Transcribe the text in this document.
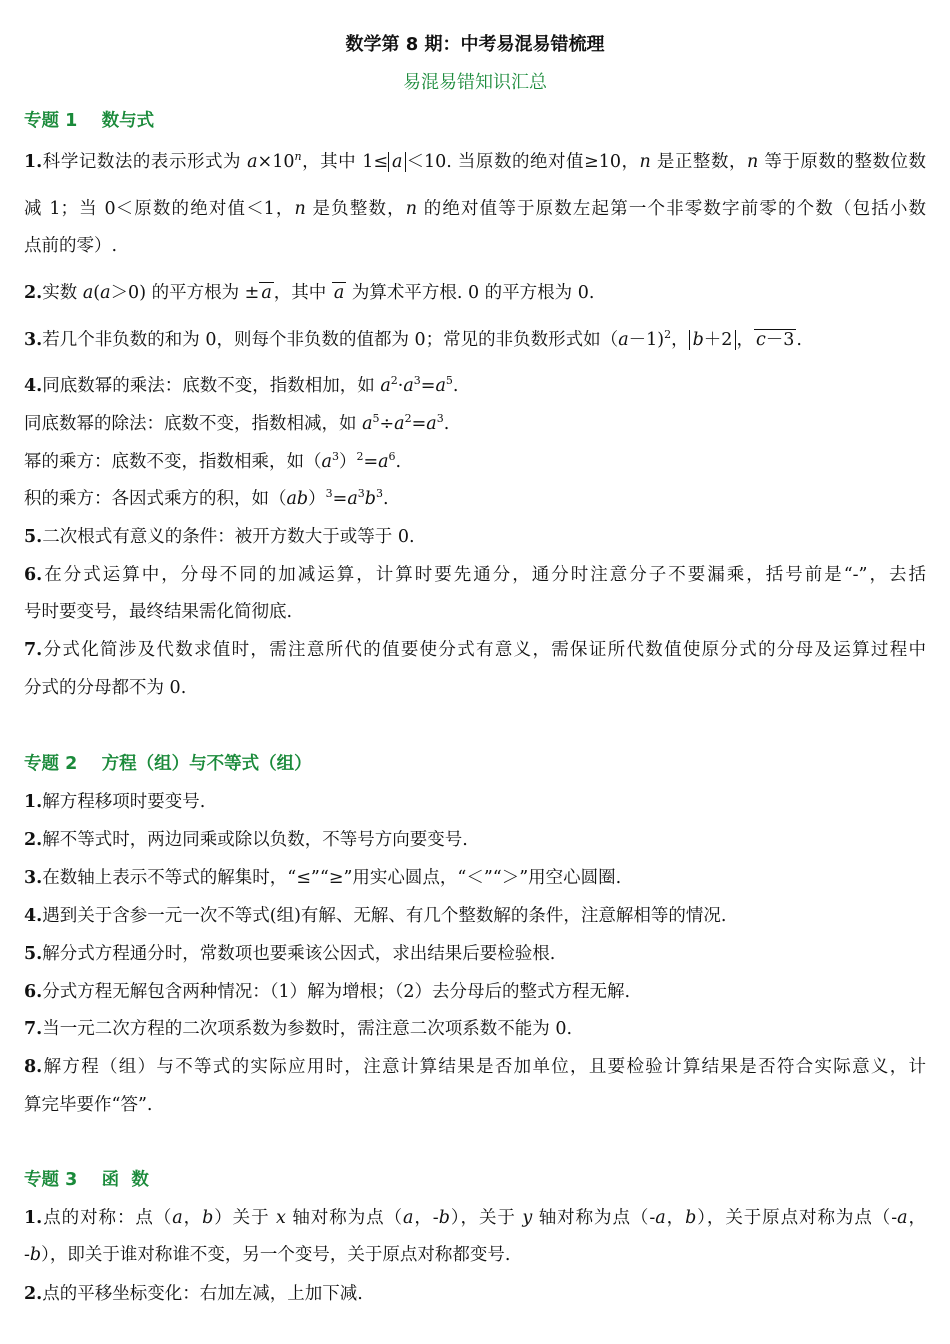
数学第 8 期：中考易混易错梳理
易混易错知识汇总
专题 1    数与式
1.科学记数法的表示形式为 $a\times 10^n$，其中 1≤ a ＜10. 当原数的绝对值≥10，n 是正整数，n 等于原数的整数位数
减 1；当 0＜原数的绝对值＜1，n 是负整数，n 的绝对值等于原数左起第一个非零数字前零的个数（包括小数
点前的零）.
2.实数 a(a＞0) 的平方根为 ± a ，其中 a 为算术平方根. 0 的平方根为 0.
3.若几个非负数的和为 0，则每个非负数的值都为 0；常见的非负数形式如（a－1)$^2$， b＋2 ， c－3 .
4.同底数幂的乘法：底数不变，指数相加，如 $a^2\cdot a^3=a^5$.
同底数幂的除法：底数不变，指数相减，如 $a^5\div a^2=a^3$.
幂的乘方：底数不变，指数相乘，如$(a^3)^2=a^6$.
积的乘方：各因式乘方的积，如$(ab)^3=a^3b^3$.
5.二次根式有意义的条件：被开方数大于或等于 0.
6.在分式运算中，分母不同的加减运算，计算时要先通分，通分时注意分子不要漏乘，括号前是“-”，去括
号时要变号，最终结果需化简彻底.
7.分式化简涉及代数求值时，需注意所代的值要使分式有意义，需保证所代数值使原分式的分母及运算过程中
分式的分母都不为 0.
专题 2    方程（组）与不等式（组）
1.解方程移项时要变号.
2.解不等式时，两边同乘或除以负数，不等号方向要变号.
3.在数轴上表示不等式的解集时，“≤”“≥”用实心圆点，“＜”“＞”用空心圆圈.
4.遇到关于含参一元一次不等式(组)有解、无解、有几个整数解的条件，注意解相等的情况.
5.解分式方程通分时，常数项也要乘该公因式，求出结果后要检验根.
6.分式方程无解包含两种情况：（1）解为增根；（2）去分母后的整式方程无解.
7.当一元二次方程的二次项系数为参数时，需注意二次项系数不能为 0.
8.解方程（组）与不等式的实际应用时，注意计算结果是否加单位，且要检验计算结果是否符合实际意义，计
算完毕要作“答”.
专题 3    函  数
1.点的对称：点（a，b）关于 x 轴对称为点（a，-b），关于 y 轴对称为点（-a，b），关于原点对称为点（-a，
-b），即关于谁对称谁不变，另一个变号，关于原点对称都变号.
2.点的平移坐标变化：右加左减，上加下减.
